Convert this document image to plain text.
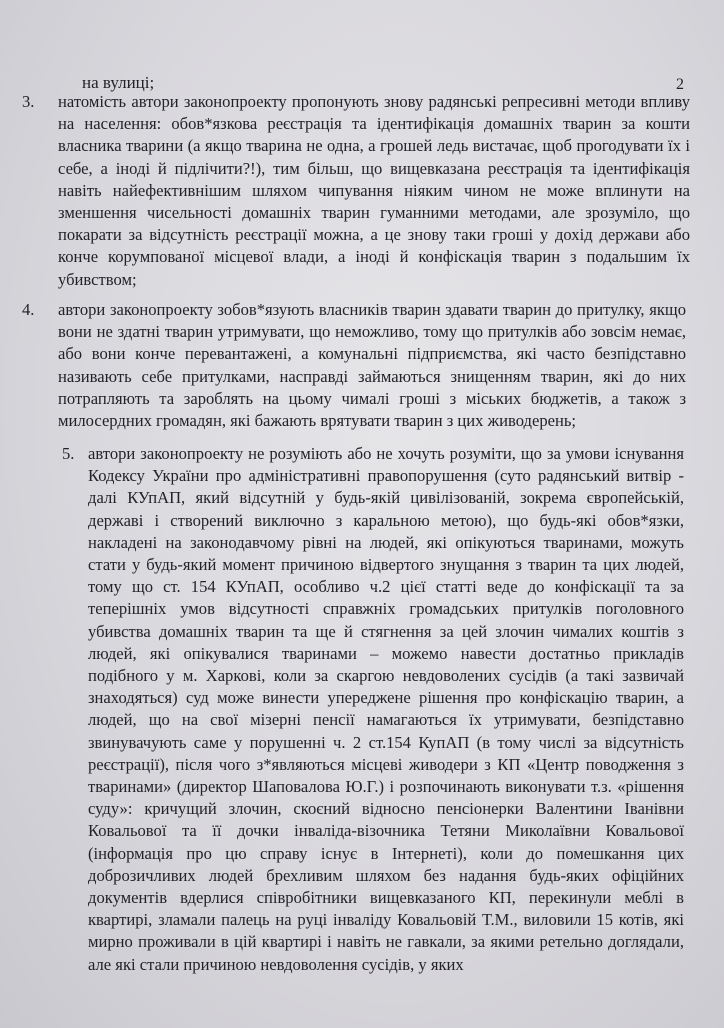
на вулиці;	2
3. натомість автори законопроекту пропонують знову радянські репресивні методи впливу на населення: обов*язкова реєстрація та ідентифікація домашніх тварин за кошти власника тварини (а якщо тварина не одна, а грошей ледь вистачає, щоб прогодувати їх і себе, а іноді й підлічити?!), тим більш, що вищевказана реєстрація та ідентифікація навіть найефективнішим шляхом чипування ніяким чином не може вплинути на зменшення чисельності домашніх тварин гуманними методами, але зрозуміло, що покарати за відсутність реєстрації можна, а це знову таки гроші у дохід держави або конче корумпованої місцевої влади, а іноді й конфіскація тварин з подальшим їх убивством;
4. автори законопроекту зобов*язують власників тварин здавати тварин до притулку, якщо вони не здатні тварин утримувати, що неможливо, тому що притулків або зовсім немає, або вони конче перевантажені, а комунальні підприємства, які часто безпідставно називають себе притулками, насправді займаються знищенням тварин, які до них потрапляють та зароблять на цьому чималі гроші з міських бюджетів, а також з милосердних громадян, які бажають врятувати тварин з цих живодерень;
5. автори законопроекту не розуміють або не хочуть розуміти, що за умови існування Кодексу України про адміністративні правопорушення (суто радянський витвір - далі КУпАП, який відсутній у будь-якій цивілізованій, зокрема європейській, державі і створений виключно з каральною метою), що будь-які обов*язки, накладені на законодавчому рівні на людей, які опікуються тваринами, можуть стати у будь-який момент причиною відвертого знущання з тварин та цих людей, тому що ст. 154 КУпАП, особливо ч.2 цієї статті веде до конфіскації та за теперішніх умов відсутності справжніх громадських притулків поголовного убивства домашніх тварин та ще й стягнення за цей злочин чималих коштів з людей, які опікувалися тваринами – можемо навести достатньо прикладів подібного у м. Харкові, коли за скаргою невдоволених сусідів (а такі зазвичай знаходяться) суд може винести упереджене рішення про конфіскацію тварин, а людей, що на свої мізерні пенсії намагаються їх утримувати, безпідставно звинувачують саме у порушенні ч. 2 ст.154 КупАП (в тому числі за відсутність реєстрації), після чого з*являються місцеві живодери з КП «Центр поводження з тваринами» (директор Шаповалова Ю.Г.) і розпочинають виконувати т.з. «рішення суду»: кричущий злочин, скоєний відносно пенсіонерки Валентини Іванівни Ковальової та її дочки інваліда-візочника Тетяни Миколаївни Ковальової (інформація про цю справу існує в Інтернеті), коли до помешкання цих доброзичливих людей брехливим шляхом без надання будь-яких офіційних документів вдерлися співробітники вищевказаного КП, перекинули меблі в квартирі, зламали палець на руці інваліду Ковальовій Т.М., виловили 15 котів, які мирно проживали в цій квартирі і навіть не гавкали, за якими ретельно доглядали, але які стали причиною невдоволення сусідів, у яких
